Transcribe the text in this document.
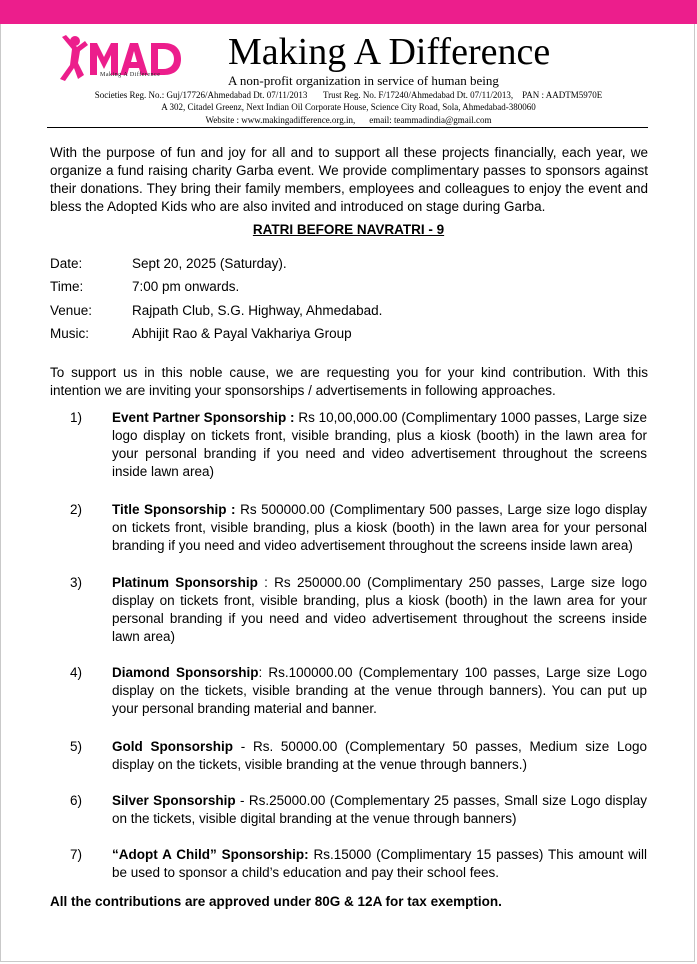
Making A Difference
Making A Difference
A non-profit organization in service of human being
Societies Reg. No.: Guj/17726/Ahmedabad Dt. 07/11/2013       Trust Reg. No. F/17240/Ahmedabad Dt. 07/11/2013,    PAN : AADTM5970E
A 302, Citadel Greenz, Next Indian Oil Corporate House, Science City Road, Sola, Ahmedabad-380060
Website : www.makingadifference.org.in, email: teammadindia@gmail.com
With the purpose of fun and joy for all and to support all these projects financially, each year, we organize a fund raising charity Garba event. We provide complimentary passes to sponsors against their donations. They bring their family members, employees and colleagues to enjoy the event and bless the Adopted Kids who are also invited and introduced on stage during Garba.
RATRI BEFORE NAVRATRI - 9
Date:	Sept 20, 2025 (Saturday).
Time:	7:00 pm onwards.
Venue:	Rajpath Club, S.G. Highway, Ahmedabad.
Music:	Abhijit Rao & Payal Vakhariya Group
To support us in this noble cause, we are requesting you for your kind contribution. With this intention we are inviting your sponsorships / advertisements in following approaches.
1) Event Partner Sponsorship : Rs 10,00,000.00 (Complimentary 1000 passes, Large size logo display on tickets front, visible branding, plus a kiosk (booth) in the lawn area for your personal branding if you need and video advertisement throughout the screens inside lawn area)
2) Title Sponsorship : Rs 500000.00 (Complimentary 500 passes, Large size logo display on tickets front, visible branding, plus a kiosk (booth) in the lawn area for your personal branding if you need and video advertisement throughout the screens inside lawn area)
3) Platinum Sponsorship : Rs 250000.00 (Complimentary 250 passes, Large size logo display on tickets front, visible branding, plus a kiosk (booth) in the lawn area for your personal branding if you need and video advertisement throughout the screens inside lawn area)
4) Diamond Sponsorship: Rs.100000.00 (Complementary 100 passes, Large size Logo display on the tickets, visible branding at the venue through banners). You can put up your personal branding material and banner.
5) Gold Sponsorship - Rs. 50000.00 (Complementary 50 passes, Medium size Logo display on the tickets, visible branding at the venue through banners.)
6) Silver Sponsorship - Rs.25000.00 (Complementary 25 passes, Small size Logo display on the tickets, visible digital branding at the venue through banners)
7) “Adopt A Child” Sponsorship: Rs.15000 (Complimentary 15 passes) This amount will be used to sponsor a child’s education and pay their school fees.
All the contributions are approved under 80G & 12A for tax exemption.
